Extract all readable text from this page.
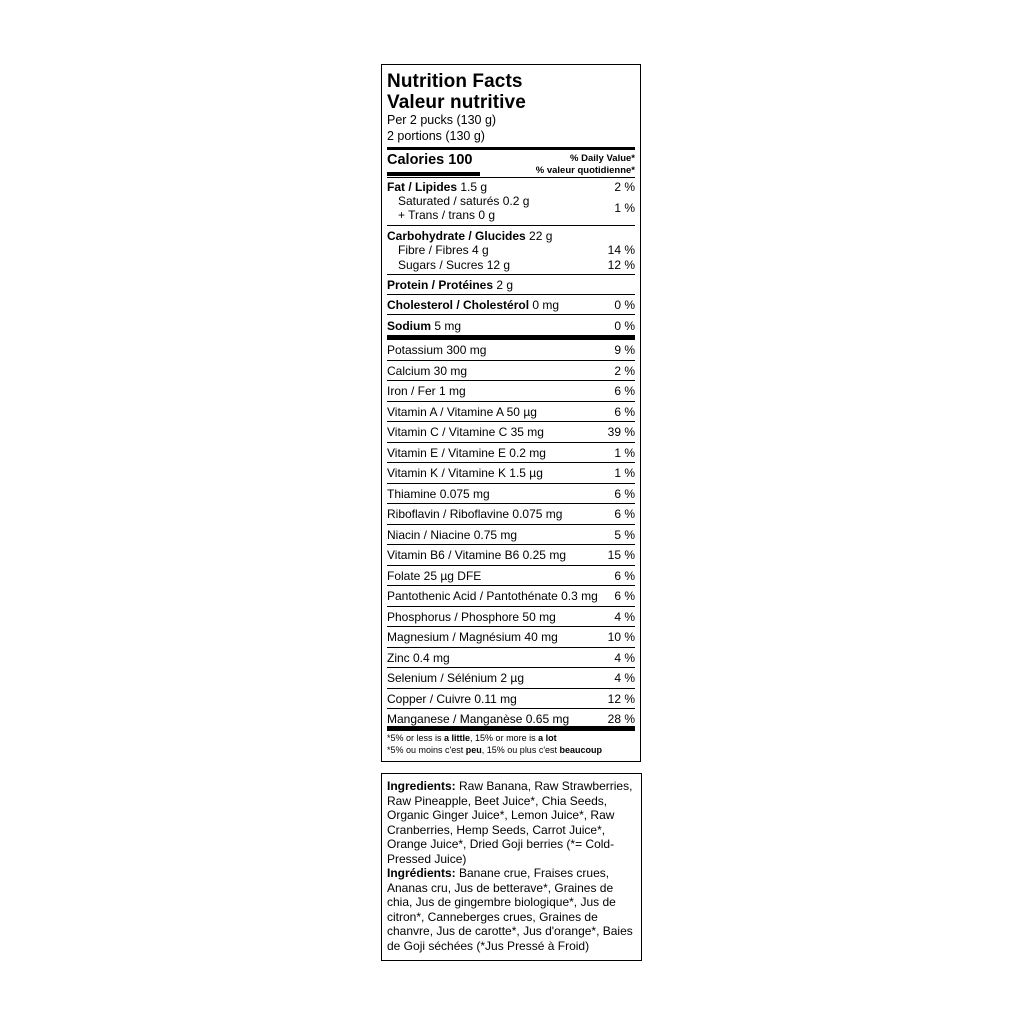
Nutrition Facts
Valeur nutritive
Per 2 pucks (130 g)
2 portions (130 g)
Calories 100	% Daily Value*
% valeur quotidienne*
Fat / Lipides 1.5 g	2 %
Saturated / saturés 0.2 g
+ Trans / trans 0 g	1 %
Carbohydrate / Glucides 22 g
Fibre / Fibres 4 g	14 %
Sugars / Sucres 12 g	12 %
Protein / Protéines 2 g
Cholesterol / Cholestérol 0 mg	0 %
Sodium 5 mg	0 %
Potassium 300 mg	9 %
Calcium 30 mg	2 %
Iron / Fer 1 mg	6 %
Vitamin A / Vitamine A 50 µg	6 %
Vitamin C / Vitamine C 35 mg	39 %
Vitamin E / Vitamine E 0.2 mg	1 %
Vitamin K / Vitamine K 1.5 µg	1 %
Thiamine 0.075 mg	6 %
Riboflavin / Riboflavine 0.075 mg	6 %
Niacin / Niacine 0.75 mg	5 %
Vitamin B6 / Vitamine B6 0.25 mg	15 %
Folate 25 µg DFE	6 %
Pantothenic Acid / Pantothénate 0.3 mg 6 %
Phosphorus / Phosphore 50 mg	4 %
Magnesium / Magnésium 40 mg	10 %
Zinc 0.4 mg	4 %
Selenium / Sélénium 2 µg	4 %
Copper / Cuivre 0.11 mg	12 %
Manganese / Manganèse 0.65 mg	28 %
*5% or less is a little, 15% or more is a lot
*5% ou moins c'est peu, 15% ou plus c'est beaucoup
Ingredients: Raw Banana, Raw Strawberries, Raw Pineapple, Beet Juice*, Chia Seeds, Organic Ginger Juice*, Lemon Juice*, Raw Cranberries, Hemp Seeds, Carrot Juice*, Orange Juice*, Dried Goji berries (*= Cold-Pressed Juice)
Ingrédients: Banane crue, Fraises crues, Ananas cru, Jus de betterave*, Graines de chia, Jus de gingembre biologique*, Jus de citron*, Canneberges crues, Graines de chanvre, Jus de carotte*, Jus d'orange*, Baies de Goji séchées (*Jus Pressé à Froid)
